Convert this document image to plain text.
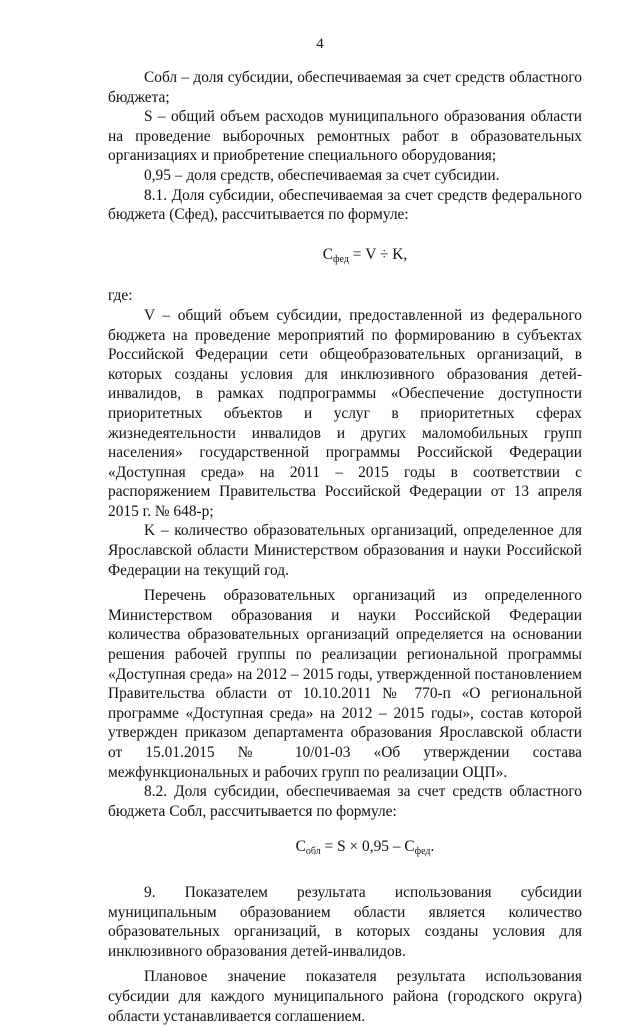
4

Собл – доля субсидии, обеспечиваемая за счет средств областного бюджета;

S – общий объем расходов муниципального образования области на проведение выборочных ремонтных работ в образовательных организациях и приобретение специального оборудования;

0,95 – доля средств, обеспечиваемая за счет субсидии.

8.1. Доля субсидии, обеспечиваемая за счет средств федерального бюджета (Сфед), рассчитывается по формуле:

$С_{фед} = V \div K$,

где:

V – общий объем субсидии, предоставленной из федерального бюджета на проведение мероприятий по формированию в субъектах Российской Федерации сети общеобразовательных организаций, в которых созданы условия для инклюзивного образования детей-инвалидов, в рамках подпрограммы «Обеспечение доступности приоритетных объектов и услуг в приоритетных сферах жизнедеятельности инвалидов и других маломобильных групп населения» государственной программы Российской Федерации «Доступная среда» на 2011 – 2015 годы в соответствии с распоряжением Правительства Российской Федерации от 13 апреля 2015 г. № 648-р;

K – количество образовательных организаций, определенное для Ярославской области Министерством образования и науки Российской Федерации на текущий год.

Перечень образовательных организаций из определенного Министерством образования и науки Российской Федерации количества образовательных организаций определяется на основании решения рабочей группы по реализации региональной программы «Доступная среда» на 2012 – 2015 годы, утвержденной постановлением Правительства области от 10.10.2011 № 770-п «О региональной программе «Доступная среда» на 2012 – 2015 годы», состав которой утвержден приказом департамента образования Ярославской области от 15.01.2015 № 10/01-03 «Об утверждении состава межфункциональных и рабочих групп по реализации ОЦП».

8.2. Доля субсидии, обеспечиваемая за счет средств областного бюджета Собл, рассчитывается по формуле:

$С_{обл} = S \times 0,95 - С_{фед}$.

9. Показателем результата использования субсидии муниципальным образованием области является количество образовательных организаций, в которых созданы условия для инклюзивного образования детей-инвалидов.

Плановое значение показателя результата использования субсидии для каждого муниципального района (городского округа) области устанавливается соглашением.
